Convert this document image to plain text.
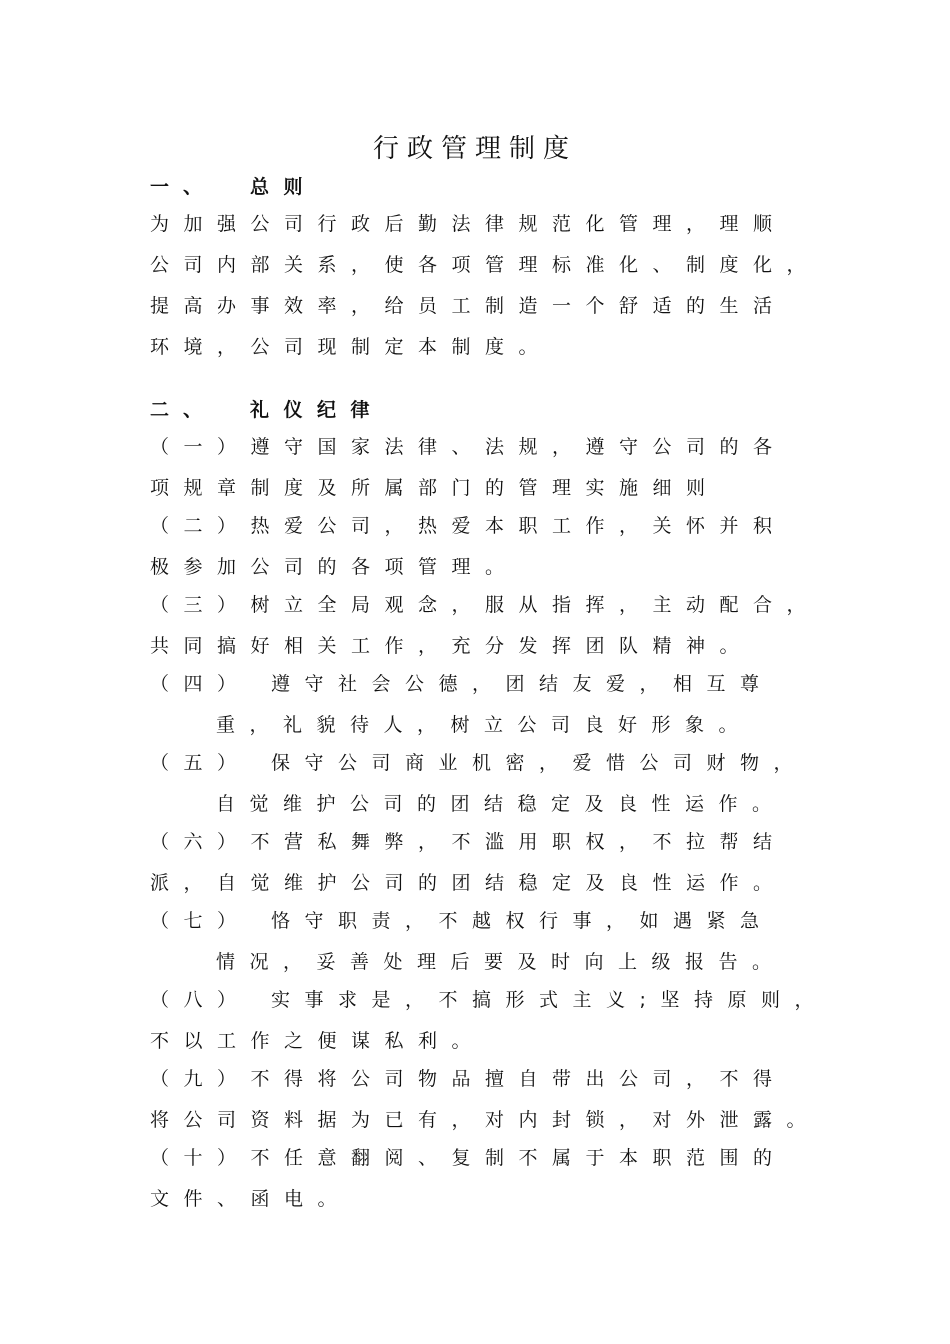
行政管理制度
一、 总则
为加强公司行政后勤法律规范化管理，理顺
公司内部关系，使各项管理标准化、制度化，
提高办事效率，给员工制造一个舒适的生活
环境，公司现制定本制度。
二、 礼仪纪律
（一）遵守国家法律、法规，遵守公司的各
项规章制度及所属部门的管理实施细则
（二）热爱公司，热爱本职工作，关怀并积
极参加公司的各项管理。
（三）树立全局观念，服从指挥，主动配合，
共同搞好相关工作，充分发挥团队精神。
（四） 遵守社会公德，团结友爱，相互尊
重，礼貌待人，树立公司良好形象。
（五） 保守公司商业机密，爱惜公司财物，
自觉维护公司的团结稳定及良性运作。
（六）不营私舞弊，不滥用职权，不拉帮结
派，自觉维护公司的团结稳定及良性运作。
（七） 恪守职责，不越权行事，如遇紧急
情况，妥善处理后要及时向上级报告。
（八） 实事求是，不搞形式主义;坚持原则，
不以工作之便谋私利。
（九）不得将公司物品擅自带出公司，不得
将公司资料据为已有，对内封锁，对外泄露。
（十）不任意翻阅、复制不属于本职范围的
文件、函电。
